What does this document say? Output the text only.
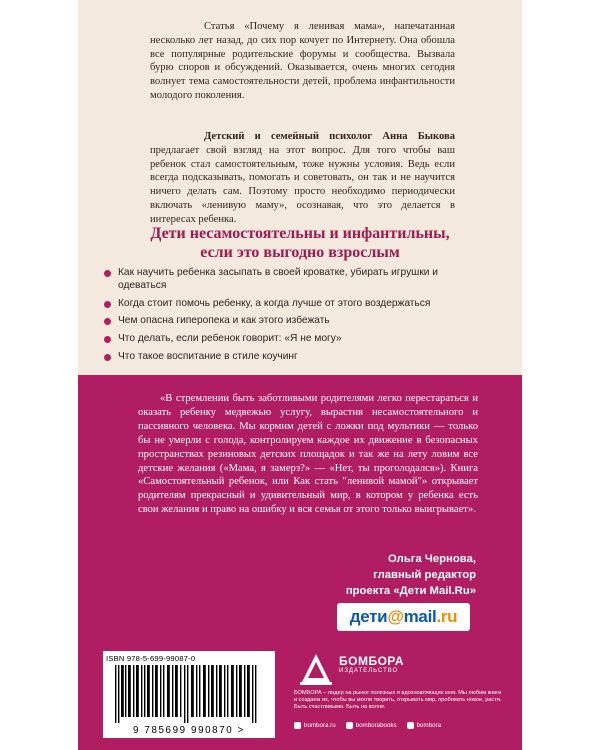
Статья «Почему я ленивая мама», напечатанная несколько лет назад, до сих пор кочует по Интернету. Она обошла все популярные родительские форумы и сообщества. Вызвала бурю споров и обсуждений. Оказывается, очень многих сегодня волнует тема самостоятельности детей, проблема инфантильности молодого поколения.

Детский и семейный психолог Анна Быкова предлагает свой взгляд на этот вопрос. Для того чтобы ваш ребенок стал самостоятельным, тоже нужны условия. Ведь если всегда подсказывать, помогать и советовать, он так и не научится ничего делать сам. Поэтому просто необходимо периодически включать «ленивую маму», осознавая, что это делается в интересах ребенка.

Дети несамостоятельны и инфантильны,
если это выгодно взрослым
Как научить ребенка засыпать в своей кроватке, убирать игрушки и одеваться
Когда стоит помочь ребенку, а когда лучше от этого воздержаться
Чем опасна гиперопека и как этого избежать
Что делать, если ребенок говорит: «Я не могу»
Что такое воспитание в стиле коучинг

«В стремлении быть заботливыми родителями легко перестараться и оказать ребенку медвежью услугу, вырастив несамостоятельного и пассивного человека. Мы кормим детей с ложки под мультики — только бы не умерли с голода, контролируем каждое их движение в безопасных пространствах резиновых детских площадок и так же на лету ловим все детские желания («Мама, я замерз?» — «Нет, ты проголодался»). Книга «Самостоятельный ребенок, или Как стать "ленивой мамой"» открывает родителям прекрасный и удивительный мир, в котором у ребенка есть свои желания и право на ошибку и вся семья от этого только выигрывает».

Ольга Чернова,
главный редактор
проекта «Дети Mail.Ru»
дети @ mail .ru
ISBN 978-5-699-99087-0
9 785699 990870 >
БОМБОРА
ИЗДАТЕЛЬСТВО
БОМБОРА – лидер на рынке полезных и вдохновляющих книг. Мы любим книги и создаем их, чтобы вы могли творить, открывать мир, пробовать новое, расти. Быть счастливыми. Быть на волне.
bombora.ru	bomborabooks	bombora
